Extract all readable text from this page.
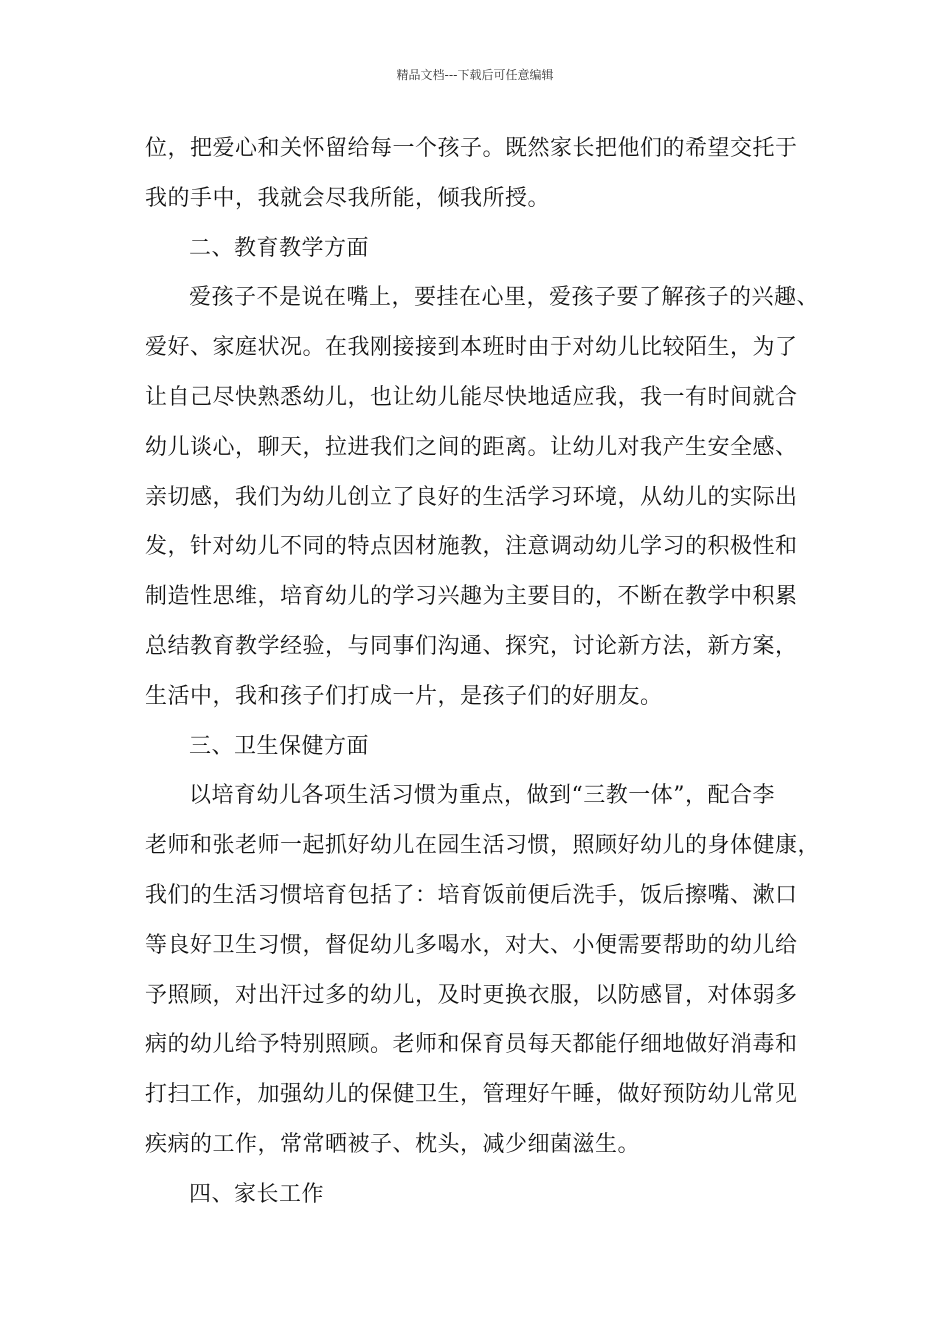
精品文档---下载后可任意编辑
位，把爱心和关怀留给每一个孩子。既然家长把他们的希望交托于
我的手中，我就会尽我所能，倾我所授。
二、教育教学方面
爱孩子不是说在嘴上，要挂在心里，爱孩子要了解孩子的兴趣、
爱好、家庭状况。在我刚接接到本班时由于对幼儿比较陌生，为了
让自己尽快熟悉幼儿，也让幼儿能尽快地适应我，我一有时间就合
幼儿谈心，聊天，拉进我们之间的距离。让幼儿对我产生安全感、
亲切感，我们为幼儿创立了良好的生活学习环境，从幼儿的实际出
发，针对幼儿不同的特点因材施教，注意调动幼儿学习的积极性和
制造性思维，培育幼儿的学习兴趣为主要目的，不断在教学中积累
总结教育教学经验，与同事们沟通、探究，讨论新方法，新方案，
生活中，我和孩子们打成一片，是孩子们的好朋友。
三、卫生保健方面
以培育幼儿各项生活习惯为重点，做到“三教一体”，配合李
老师和张老师一起抓好幼儿在园生活习惯，照顾好幼儿的身体健康，
我们的生活习惯培育包括了：培育饭前便后洗手，饭后擦嘴、漱口
等良好卫生习惯，督促幼儿多喝水，对大、小便需要帮助的幼儿给
予照顾，对出汗过多的幼儿，及时更换衣服，以防感冒，对体弱多
病的幼儿给予特别照顾。老师和保育员每天都能仔细地做好消毒和
打扫工作，加强幼儿的保健卫生，管理好午睡，做好预防幼儿常见
疾病的工作，常常晒被子、枕头，减少细菌滋生。
四、家长工作
